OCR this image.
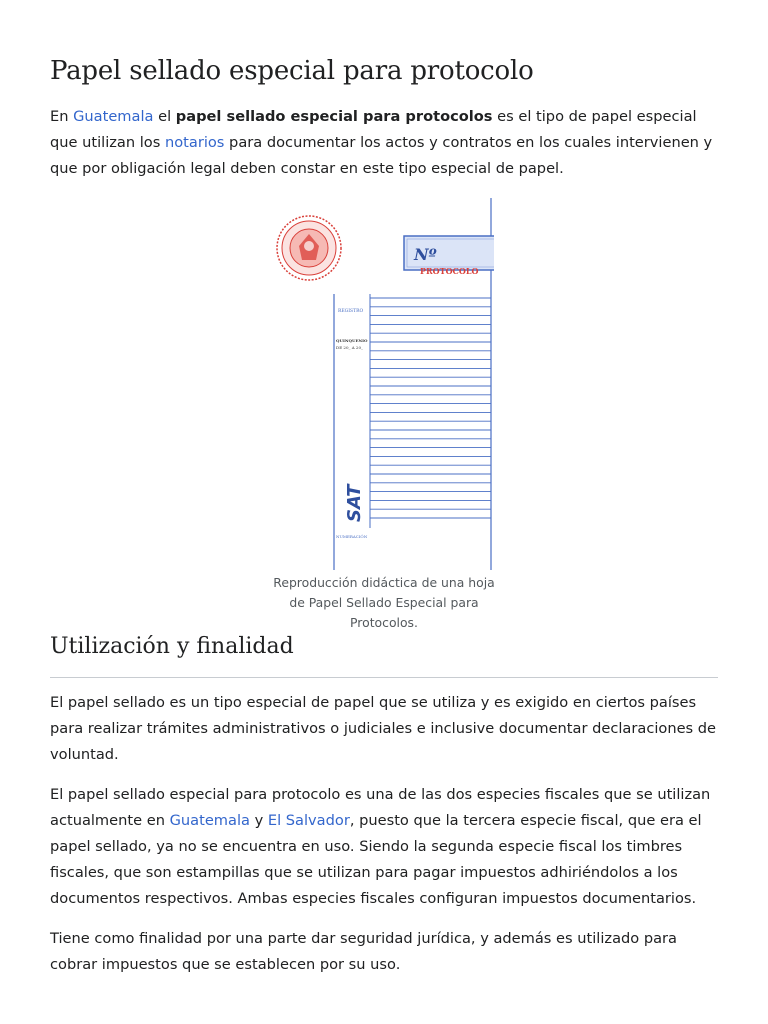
Papel sellado especial para protocolo

En Guatemala el papel sellado especial para protocolos es el tipo de papel especial que utilizan los notarios para documentar los actos y contratos en los cuales intervienen y que por obligación legal deben constar en este tipo especial de papel.

Nº
PROTOCOLO
REGISTRO
QUINQUENIO
DE 20_ A 20_
SAT
NUMERACIÓN
Reproducción didáctica de una hoja de Papel Sellado Especial para Protocolos.
Utilización y finalidad

El papel sellado es un tipo especial de papel que se utiliza y es exigido en ciertos países para realizar trámites administrativos o judiciales e inclusive documentar declaraciones de voluntad.

El papel sellado especial para protocolo es una de las dos especies fiscales que se utilizan actualmente en Guatemala y El Salvador, puesto que la tercera especie fiscal, que era el papel sellado, ya no se encuentra en uso. Siendo la segunda especie fiscal los timbres fiscales, que son estampillas que se utilizan para pagar impuestos adhiriéndolos a los documentos respectivos. Ambas especies fiscales configuran impuestos documentarios.

Tiene como finalidad por una parte dar seguridad jurídica, y además es utilizado para cobrar impuestos que se establecen por su uso.
